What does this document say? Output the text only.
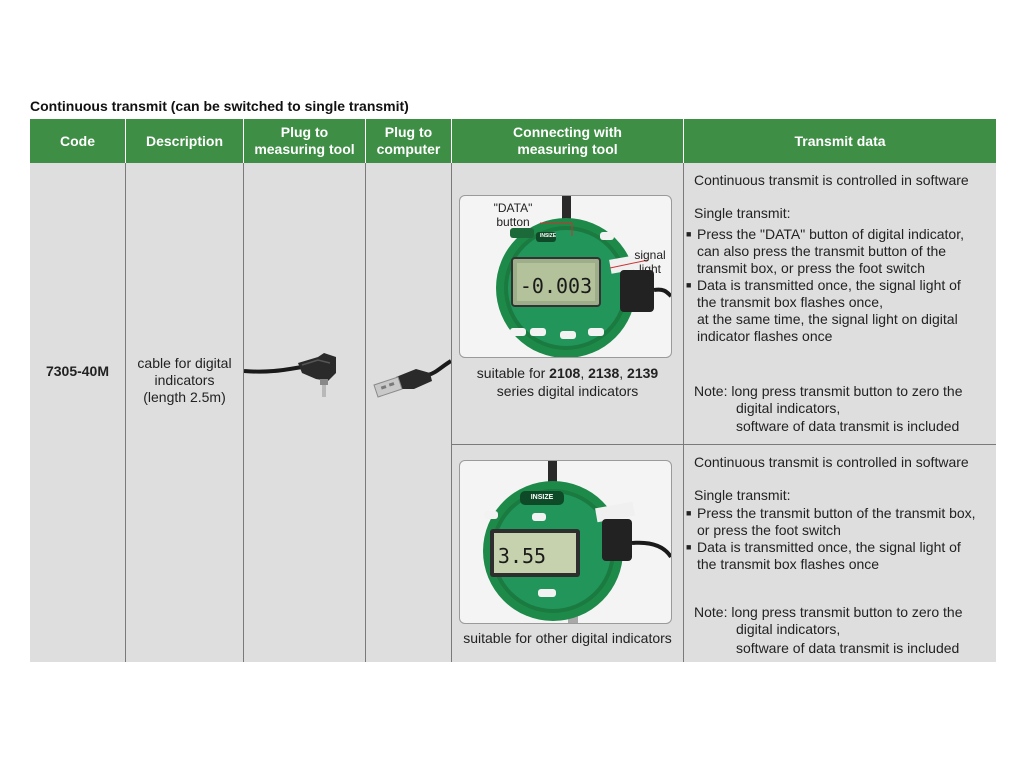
Continuous transmit (can be switched to single transmit)
Code	Description
Plug to
measuring tool
Plug to
computer
Connecting with
measuring tool
Transmit data
7305-40M	cable for digital
indicators
(length 2.5m)
-0.003
"DATA"
button
signal
light
INSIZE
suitable for 2108, 2138, 2139
series digital indicators
3.55
INSIZE
suitable for other digital indicators
Continuous transmit is controlled in software
Single transmit:
■ Press the "DATA" button of digital indicator,
can also press the transmit button of the
transmit box, or press the foot switch
■ Data is transmitted once, the signal light of
the transmit box flashes once,
at the same time, the signal light on digital
indicator flashes once
Note: long press transmit button to zero the
digital indicators,
software of data transmit is included
Continuous transmit is controlled in software
Single transmit:
■ Press the transmit button of the transmit box,
or press the foot switch
■ Data is transmitted once, the signal light of
the transmit box flashes once
Note: long press transmit button to zero the
digital indicators,
software of data transmit is included
